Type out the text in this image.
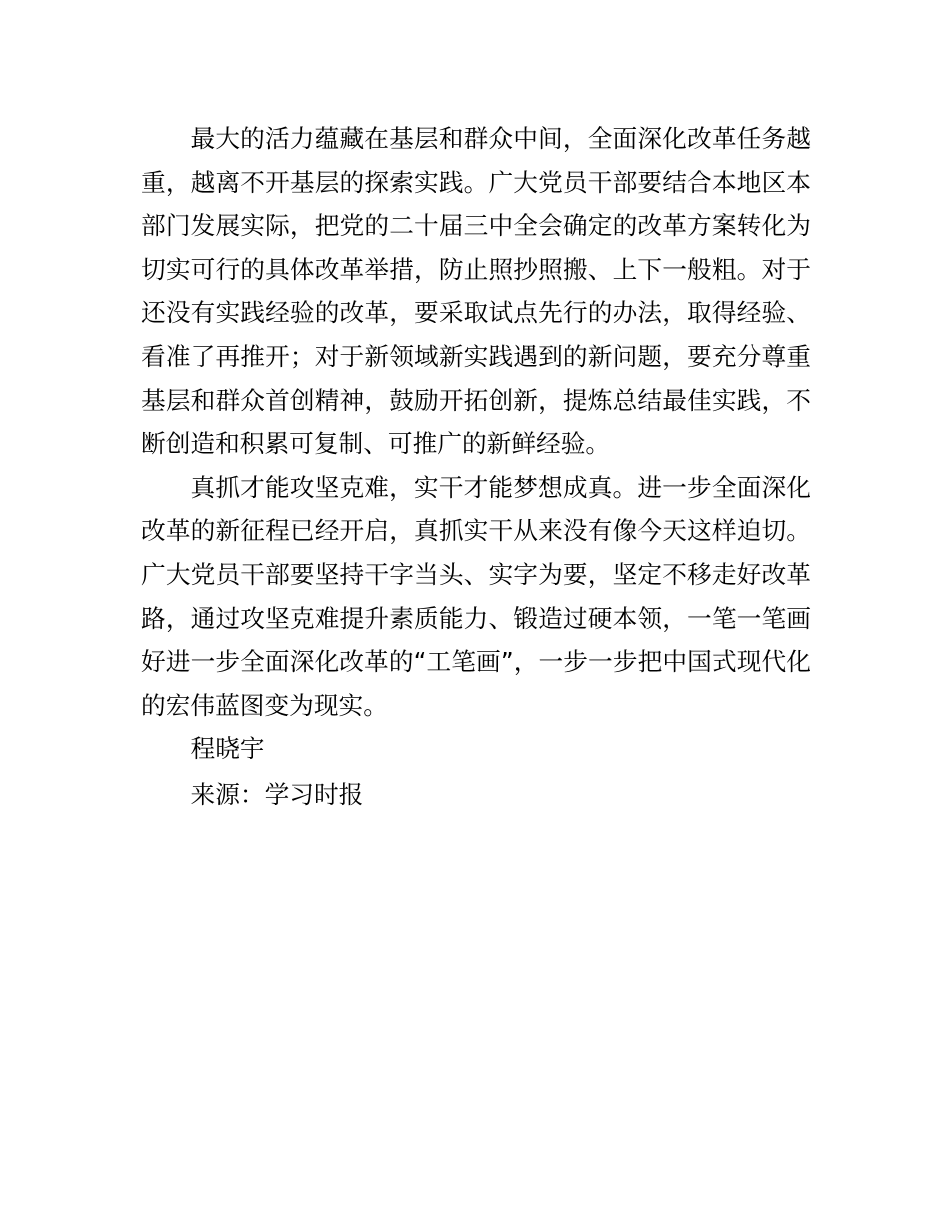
最大的活力蕴藏在基层和群众中间，全面深化改革任务越重，越离不开基层的探索实践。广大党员干部要结合本地区本部门发展实际，把党的二十届三中全会确定的改革方案转化为切实可行的具体改革举措，防止照抄照搬、上下一般粗。对于还没有实践经验的改革，要采取试点先行的办法，取得经验、看准了再推开；对于新领域新实践遇到的新问题，要充分尊重基层和群众首创精神，鼓励开拓创新，提炼总结最佳实践，不断创造和积累可复制、可推广的新鲜经验。

真抓才能攻坚克难，实干才能梦想成真。进一步全面深化改革的新征程已经开启，真抓实干从来没有像今天这样迫切。广大党员干部要坚持干字当头、实字为要，坚定不移走好改革路，通过攻坚克难提升素质能力、锻造过硬本领，一笔一笔画好进一步全面深化改革的“工笔画”，一步一步把中国式现代化的宏伟蓝图变为现实。

程晓宇

来源：学习时报
